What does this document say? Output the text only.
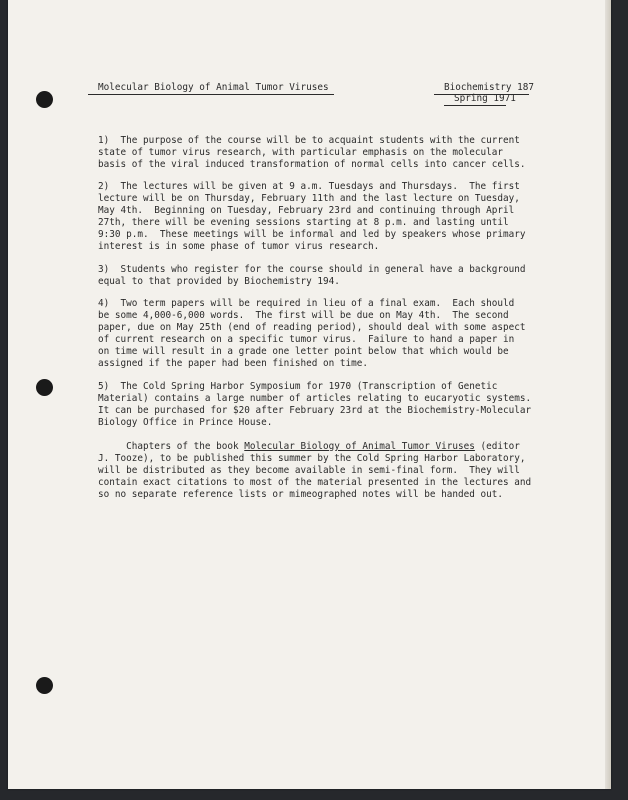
Molecular Biology of Animal Tumor Viruses	Biochemistry 187
Spring 1971
1)  The purpose of the course will be to acquaint students with the current
state of tumor virus research, with particular emphasis on the molecular
basis of the viral induced transformation of normal cells into cancer cells.
2)  The lectures will be given at 9 a.m. Tuesdays and Thursdays.  The first
lecture will be on Thursday, February 11th and the last lecture on Tuesday,
May 4th.  Beginning on Tuesday, February 23rd and continuing through April
27th, there will be evening sessions starting at 8 p.m. and lasting until
9:30 p.m.  These meetings will be informal and led by speakers whose primary
interest is in some phase of tumor virus research.
3)  Students who register for the course should in general have a background
equal to that provided by Biochemistry 194.
4)  Two term papers will be required in lieu of a final exam.  Each should
be some 4,000-6,000 words.  The first will be due on May 4th.  The second
paper, due on May 25th (end of reading period), should deal with some aspect
of current research on a specific tumor virus.  Failure to hand a paper in
on time will result in a grade one letter point below that which would be
assigned if the paper had been finished on time.
5)  The Cold Spring Harbor Symposium for 1970 (Transcription of Genetic
Material) contains a large number of articles relating to eucaryotic systems.
It can be purchased for $20 after February 23rd at the Biochemistry-Molecular
Biology Office in Prince House.
Chapters of the book Molecular Biology of Animal Tumor Viruses (editor
J. Tooze), to be published this summer by the Cold Spring Harbor Laboratory,
will be distributed as they become available in semi-final form.  They will
contain exact citations to most of the material presented in the lectures and
so no separate reference lists or mimeographed notes will be handed out.
